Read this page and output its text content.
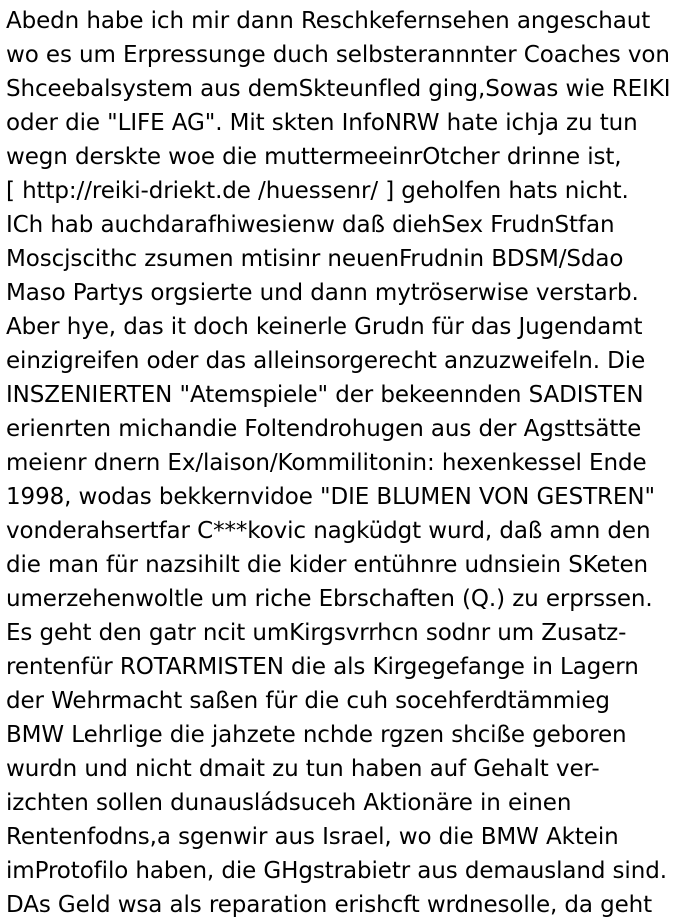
Abedn habe ich mir dann Reschkefernsehen angeschaut
wo es um Erpressunge duch selbsterannnter Coaches von
Shceebalsystem aus demSkteunfled ging,Sowas wie REIKI
oder die "LIFE AG". Mit skten InfoNRW hate ichja zu tun
wegn derskte woe die muttermeeinrOtcher drinne ist,
[ http://reiki-driekt.de /huessenr/ ] geholfen hats nicht.
ICh hab auchdarafhiwesienw daß diehSex FrudnStfan
Moscjscithc zsumen mtisinr neuenFrudnin BDSM/Sdao
Maso Partys orgsierte und dann mytröserwise verstarb.
Aber hye, das it doch keinerle Grudn für das Jugendamt
einzigreifen oder das alleinsorgerecht anzuzweifeln. Die
INSZENIERTEN "Atemspiele" der bekeennden SADISTEN
erienrten michandie Foltendrohugen aus der Agsttsätte
meienr dnern Ex/laison/Kommilitonin: hexenkessel Ende
1998, wodas bekkernvidoe "DIE BLUMEN VON GESTREN"
vonderahsertfar C***kovic nagküdgt wurd, daß amn den
die man für nazsihilt die kider entühnre udnsiein SKeten
umerzehenwoltle um riche Ebrschaften (Q.) zu erprssen.
Es geht den gatr ncit umKirgsvrrhcn sodnr um Zusatz-
rentenfür ROTARMISTEN die als Kirgegefange in Lagern
der Wehrmacht saßen für die cuh socehferdtämmieg
BMW Lehrlige die jahzete nchde rgzen shcißе geboren
wurdn und nicht dmait zu tun haben auf Gehalt ver-
izchten sollen dunausládsuceh Aktionäre in einen
Rentenfodns,a sgenwir aus Israel, wo die BMW Aktein
imProtofilo haben, die GHgstrabietr aus demausland sind.
DAs Geld wsa als reparation erishcft wrdnesolle, da geht
